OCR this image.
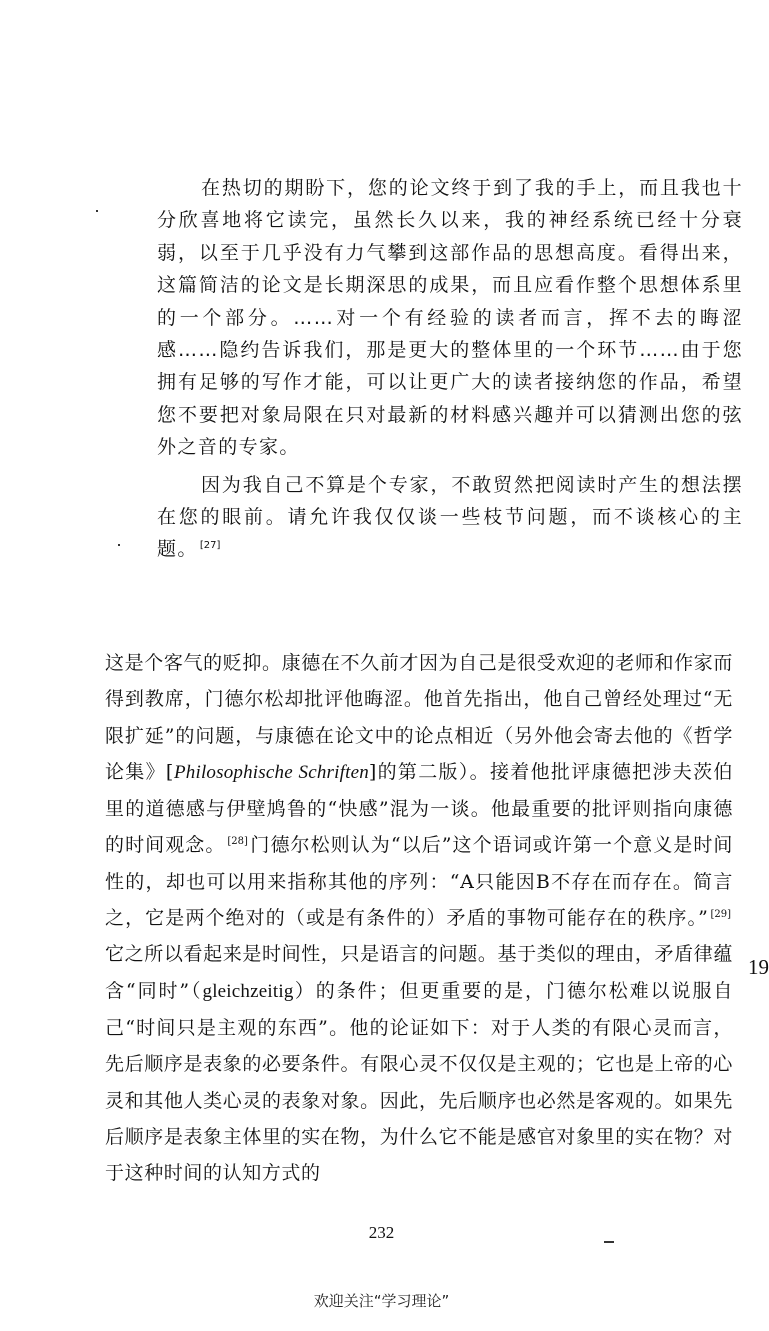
在热切的期盼下，您的论文终于到了我的手上，而且我也十分欣喜地将它读完，虽然长久以来，我的神经系统已经十分衰弱，以至于几乎没有力气攀到这部作品的思想高度。看得出来，这篇简洁的论文是长期深思的成果，而且应看作整个思想体系里的一个部分。……对一个有经验的读者而言，挥不去的晦涩感……隐约告诉我们，那是更大的整体里的一个环节……由于您拥有足够的写作才能，可以让更广大的读者接纳您的作品，希望您不要把对象局限在只对最新的材料感兴趣并可以猜测出您的弦外之音的专家。

因为我自己不算是个专家，不敢贸然把阅读时产生的想法摆在您的眼前。请允许我仅仅谈一些枝节问题，而不谈核心的主题。 [27]

这是个客气的贬抑。康德在不久前才因为自己是很受欢迎的老师和作家而得到教席，门德尔松却批评他晦涩。他首先指出，他自己曾经处理过“无限扩延”的问题，与康德在论文中的论点相近（另外他会寄去他的《哲学论集》[Philosophische Schriften]的第二版）。接着他批评康德把涉夫茨伯里的道德感与伊壁鸠鲁的“快感”混为一谈。他最重要的批评则指向康德的时间观念。 [28] 门德尔松则认为“以后”这个语词或许第一个意义是时间性的，却也可以用来指称其他的序列：“A只能因B不存在而存在。简言之，它是两个绝对的（或是有条件的）矛盾的事物可能存在的秩序。” [29]它之所以看起来是时间性，只是语言的问题。基于类似的理由，矛盾律蕴含“同时”（gleichzeitig）的条件；但更重要的是，门德尔松难以说服自己“时间只是主观的东西”。他的论证如下：对于人类的有限心灵而言，先后顺序是表象的必要条件。有限心灵不仅仅是主观的；它也是上帝的心灵和其他人类心灵的表象对象。因此，先后顺序也必然是客观的。如果先后顺序是表象主体里的实在物，为什么它不能是感官对象里的实在物？对于这种时间的认知方式的

19
232
欢迎关注“学习理论”
